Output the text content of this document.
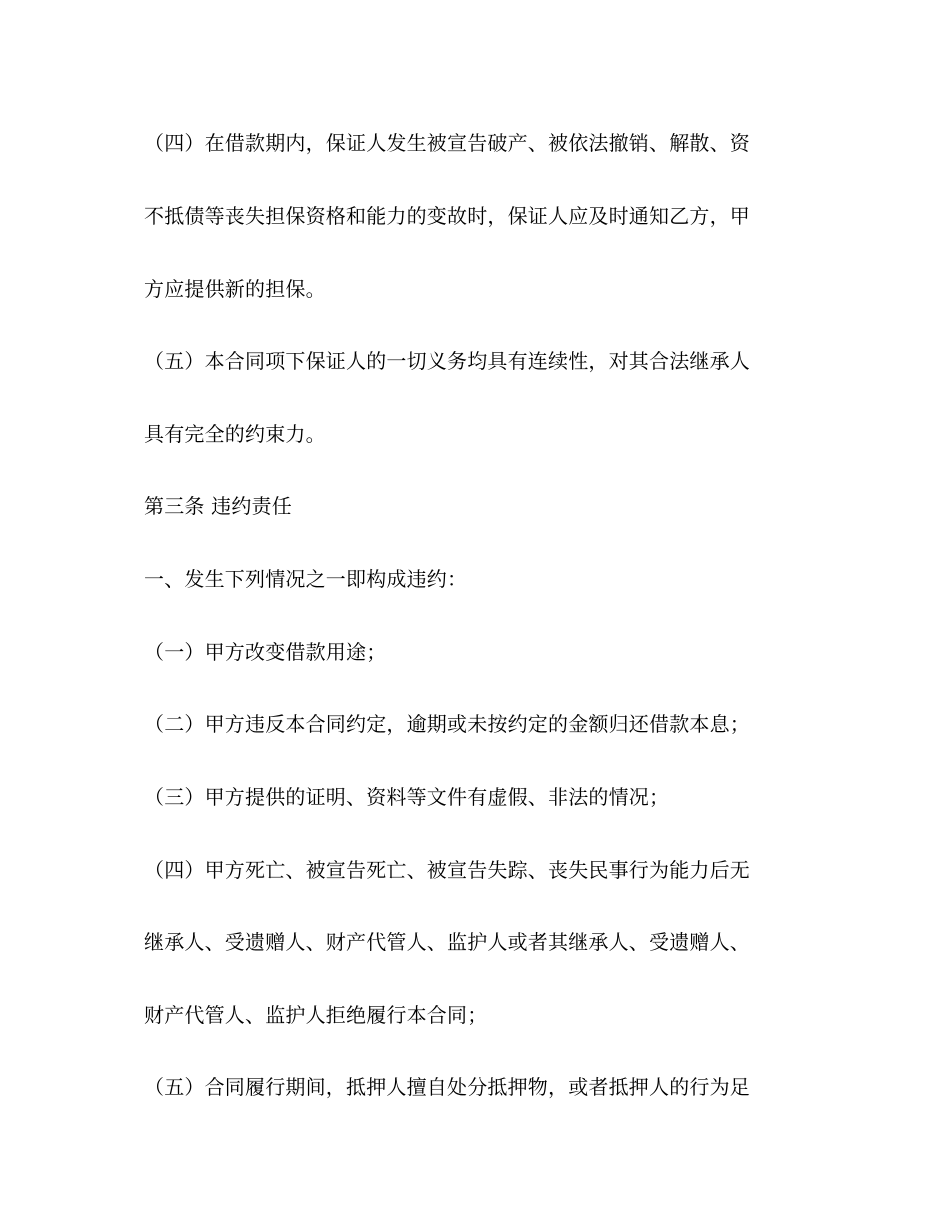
（四）在借款期内，保证人发生被宣告破产、被依法撤销、解散、资
不抵债等丧失担保资格和能力的变故时，保证人应及时通知乙方，甲
方应提供新的担保。
（五）本合同项下保证人的一切义务均具有连续性，对其合法继承人
具有完全的约束力。
第三条 违约责任
一、发生下列情况之一即构成违约：
（一）甲方改变借款用途；
（二）甲方违反本合同约定，逾期或未按约定的金额归还借款本息；
（三）甲方提供的证明、资料等文件有虚假、非法的情况；
（四）甲方死亡、被宣告死亡、被宣告失踪、丧失民事行为能力后无
继承人、受遗赠人、财产代管人、监护人或者其继承人、受遗赠人、
财产代管人、监护人拒绝履行本合同；
（五）合同履行期间，抵押人擅自处分抵押物，或者抵押人的行为足
